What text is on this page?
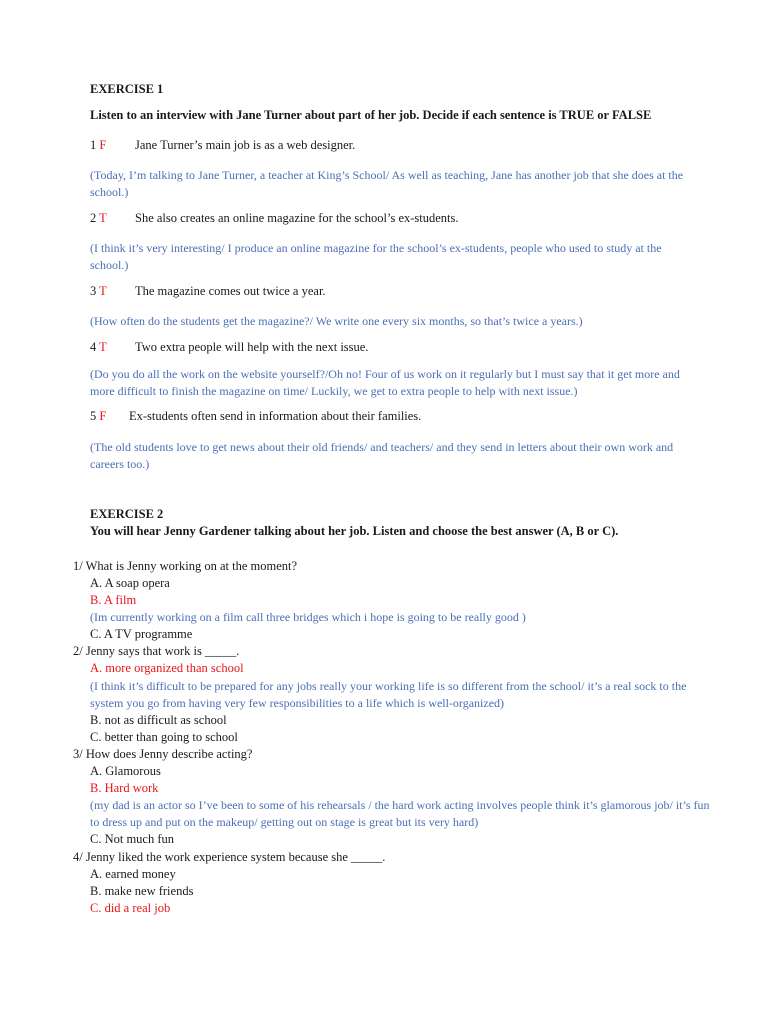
EXERCISE 1
Listen to an interview with Jane Turner about part of her job. Decide if each sentence is TRUE or FALSE
1 F Jane Turner’s main job is as a web designer.
(Today, I’m talking to Jane Turner, a teacher at King’s School/ As well as teaching, Jane has another job that she does at the school.)
2 T She also creates an online magazine for the school’s ex-students.
(I think it’s very interesting/ I produce an online magazine for the school’s ex-students, people who used to study at the school.)
3 T The magazine comes out twice a year.
(How often do the students get the magazine?/ We write one every six months, so that’s twice a years.)
4 T Two extra people will help with the next issue.
(Do you do all the work on the website yourself?/Oh no! Four of us work on it regularly but I must say that it get more and more difficult to finish the magazine on time/ Luckily, we get to extra people to help with next issue.)
5 F Ex-students often send in information about their families.
(The old students love to get news about their old friends/ and teachers/ and they send in letters about their own work and careers too.)
EXERCISE 2
You will hear Jenny Gardener talking about her job. Listen and choose the best answer (A, B or C).
1/ What is Jenny working on at the moment?
A. A soap opera
B. A film
(Im currently working on a film call three bridges which i hope is going to be really good )
C. A TV programme
2/ Jenny says that work is _____.
A. more organized than school
(I think it’s difficult to be prepared for any jobs really your working life is so different from the school/ it’s a real sock to the system you go from having very few responsibilities to a life which is well-organized)
B. not as difficult as school
C. better than going to school
3/ How does Jenny describe acting?
A. Glamorous
B. Hard work
(my dad is an actor so I’ve been to some of his rehearsals / the hard work acting involves people think it’s glamorous job/ it’s fun to dress up and put on the makeup/ getting out on stage is great but its very hard)
C. Not much fun
4/ Jenny liked the work experience system because she _____.
A. earned money
B. make new friends
C. did a real job
